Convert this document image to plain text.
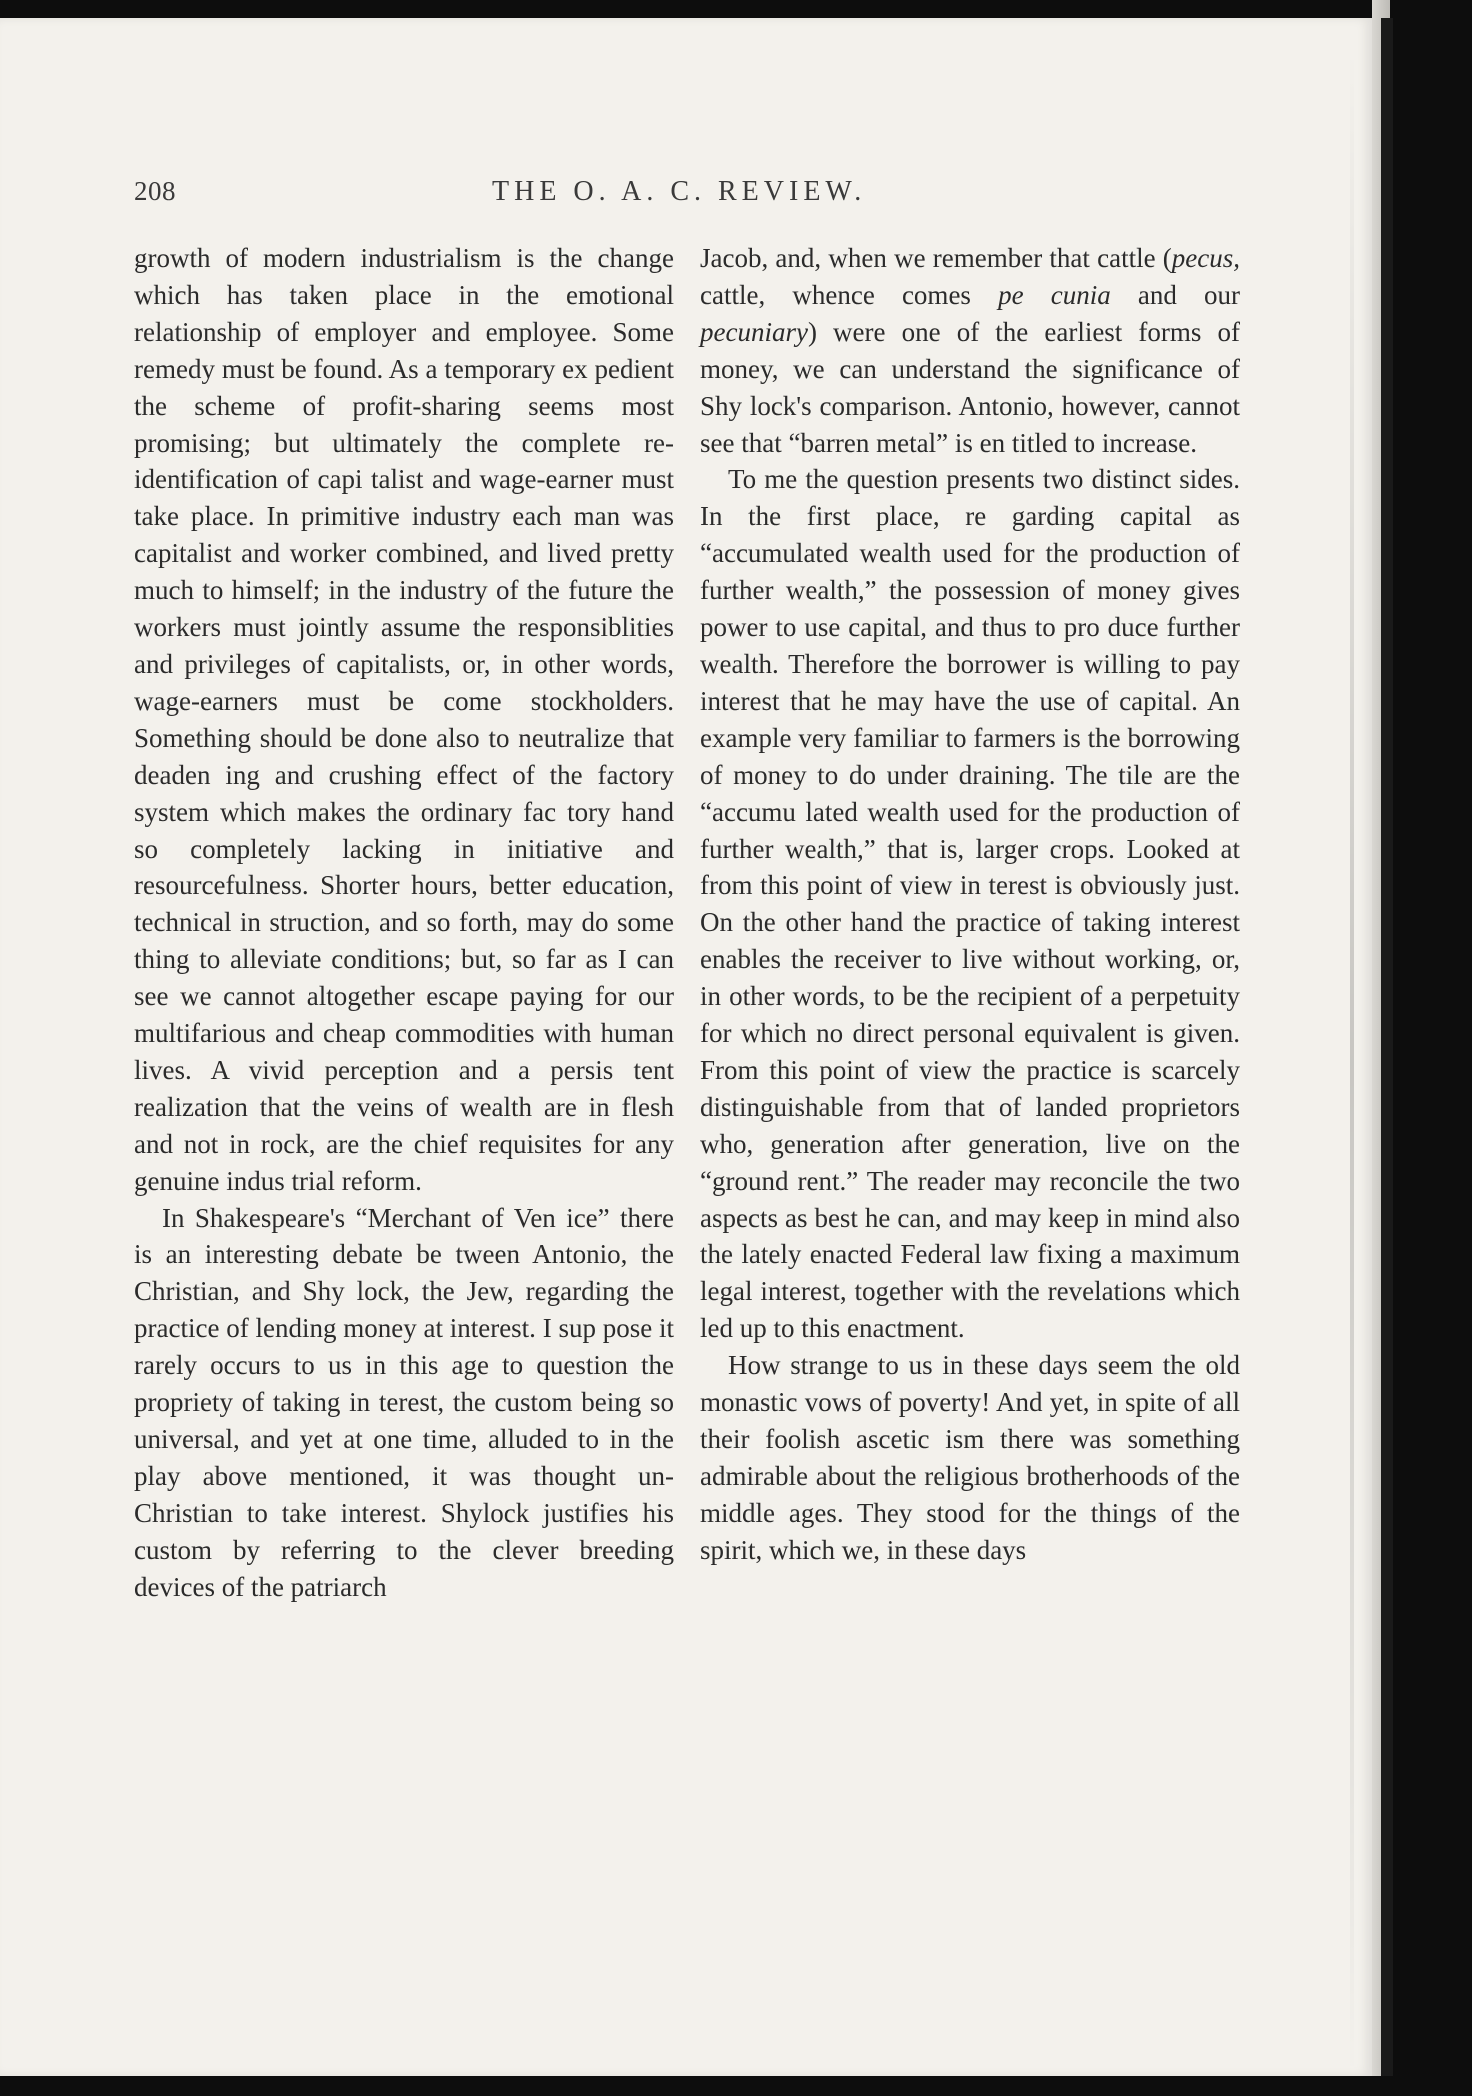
208	THE O. A. C. REVIEW.

growth of modern industrialism is the change which has taken place in the emotional relationship of employer and employee. Some remedy must be found. As a temporary ex pedient the scheme of profit-sharing seems most promising; but ultimately the complete re-identification of capi talist and wage-earner must take place. In primitive industry each man was capitalist and worker combined, and lived pretty much to himself; in the industry of the future the workers must jointly assume the responsiblities and privileges of capitalists, or, in other words, wage-earners must be come stockholders. Something should be done also to neutralize that deaden ing and crushing effect of the factory system which makes the ordinary fac tory hand so completely lacking in initiative and resourcefulness. Shorter hours, better education, technical in struction, and so forth, may do some thing to alleviate conditions; but, so far as I can see we cannot altogether escape paying for our multifarious and cheap commodities with human lives. A vivid perception and a persis tent realization that the veins of wealth are in flesh and not in rock, are the chief requisites for any genuine indus trial reform.

In Shakespeare's “Merchant of Ven ice” there is an interesting debate be tween Antonio, the Christian, and Shy lock, the Jew, regarding the practice of lending money at interest. I sup pose it rarely occurs to us in this age to question the propriety of taking in terest, the custom being so universal, and yet at one time, alluded to in the play above mentioned, it was thought un-Christian to take interest. Shylock justifies his custom by referring to the clever breeding devices of the patriarch

Jacob, and, when we remember that cattle (pecus, cattle, whence comes pe cunia and our pecuniary) were one of the earliest forms of money, we can understand the significance of Shy lock's comparison. Antonio, however, cannot see that “barren metal” is en titled to increase.

To me the question presents two distinct sides. In the first place, re garding capital as “accumulated wealth used for the production of further wealth,” the possession of money gives power to use capital, and thus to pro duce further wealth. Therefore the borrower is willing to pay interest that he may have the use of capital. An example very familiar to farmers is the borrowing of money to do under draining. The tile are the “accumu lated wealth used for the production of further wealth,” that is, larger crops. Looked at from this point of view in terest is obviously just. On the other hand the practice of taking interest enables the receiver to live without working, or, in other words, to be the recipient of a perpetuity for which no direct personal equivalent is given. From this point of view the practice is scarcely distinguishable from that of landed proprietors who, generation after generation, live on the “ground rent.” The reader may reconcile the two aspects as best he can, and may keep in mind also the lately enacted Federal law fixing a maximum legal interest, together with the revelations which led up to this enactment.

How strange to us in these days seem the old monastic vows of poverty! And yet, in spite of all their foolish ascetic ism there was something admirable about the religious brotherhoods of the middle ages. They stood for the things of the spirit, which we, in these days
